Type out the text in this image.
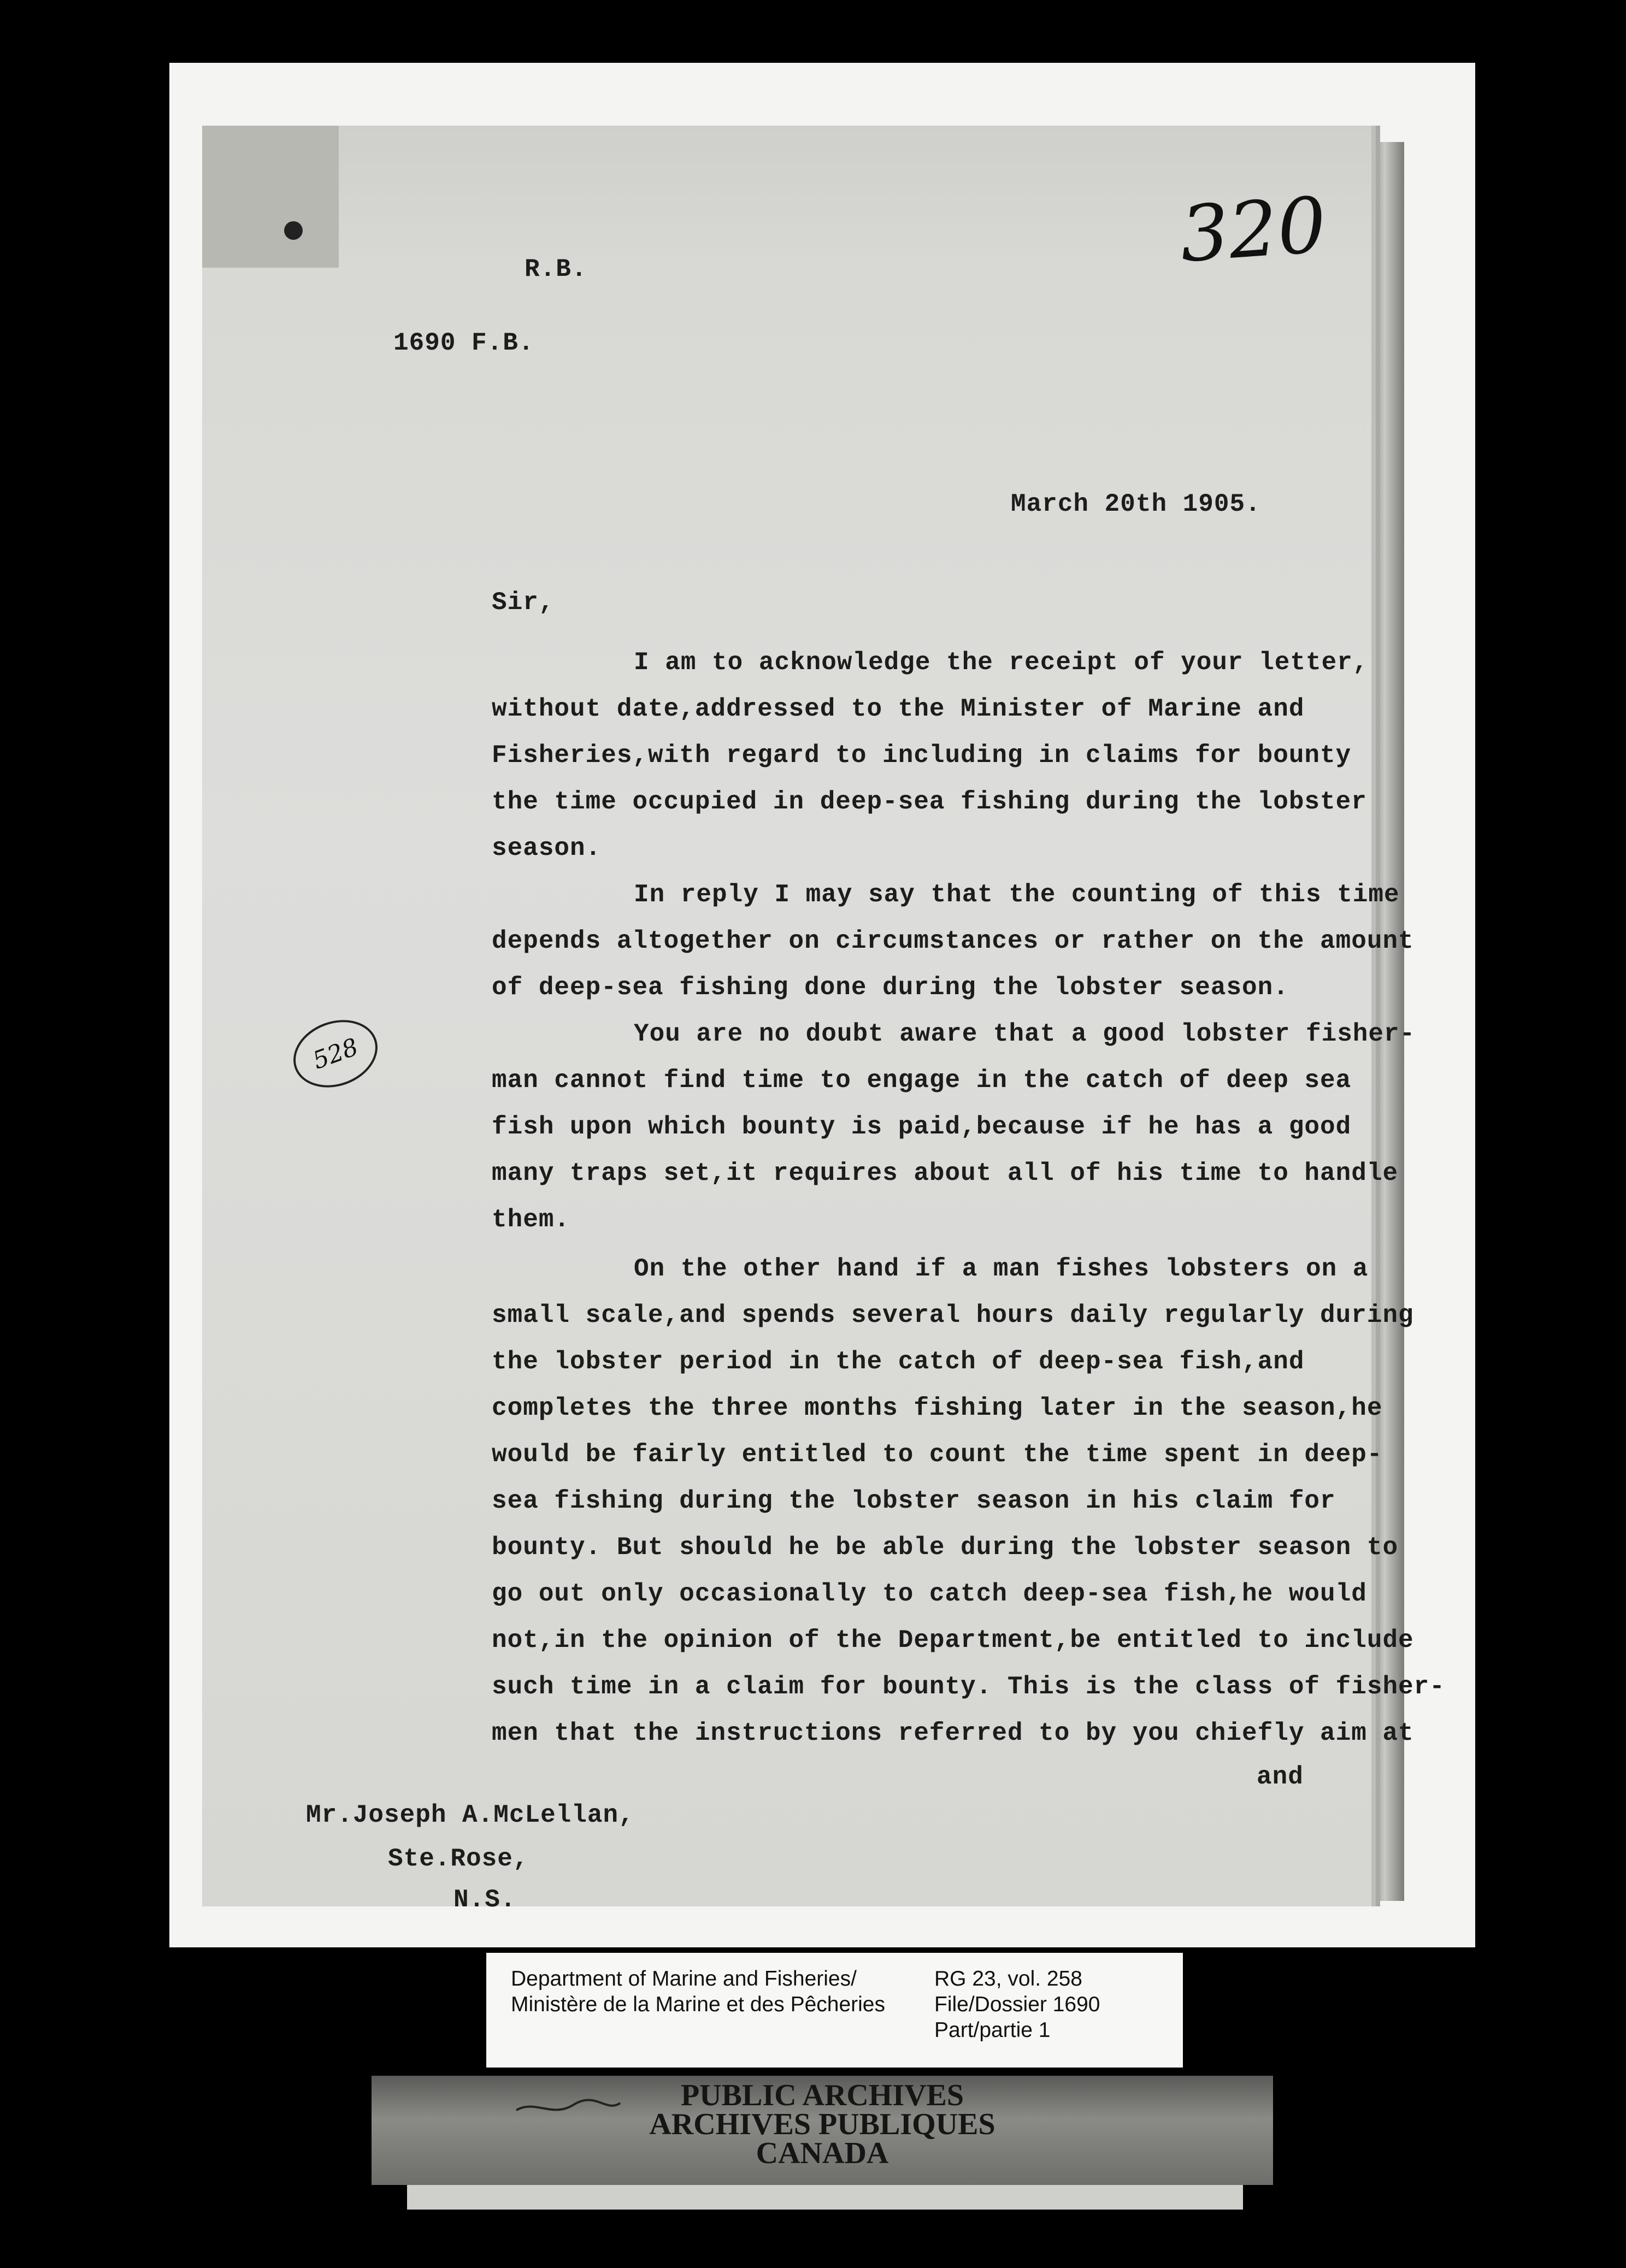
320
R.B.
1690 F.B.
March 20th 1905.
Sir,
I am to acknowledge the receipt of your letter,
without date,addressed to the Minister of Marine and
Fisheries,with regard to including in claims for bounty
the time occupied in deep-sea fishing during the lobster
season.
In reply I may say that the counting of this time
depends altogether on circumstances or rather on the amount
of deep-sea fishing done during the lobster season.
You are no doubt aware that a good lobster fisher-
man cannot find time to engage in the catch of deep sea
fish upon which bounty is paid,because if he has a good
many traps set,it requires about all of his time to handle
them.
On the other hand if a man fishes lobsters on a
small scale,and spends several hours daily regularly during
the lobster period in the catch of deep-sea fish,and
completes the three months fishing later in the season,he
would be fairly entitled to count the time spent in deep-
sea fishing during the lobster season in his claim for
bounty. But should he be able during the lobster season to
go out only occasionally to catch deep-sea fish,he would
not,in the opinion of the Department,be entitled to include
such time in a claim for bounty. This is the class of fisher-
men that the instructions referred to by you chiefly aim at
and
528
Mr.Joseph A.McLellan,
Ste.Rose,
N.S.
Department of Marine and Fisheries/
Ministère de la Marine et des Pêcheries
RG 23, vol. 258
File/Dossier 1690
Part/partie 1
PUBLIC ARCHIVES
ARCHIVES PUBLIQUES
CANADA
